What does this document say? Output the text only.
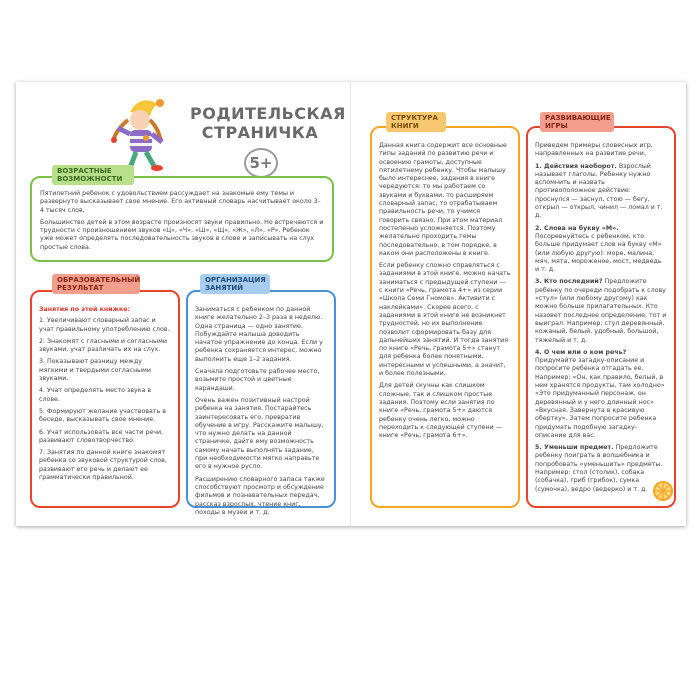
РОДИТЕЛЬСКАЯ
СТРАНИЧКА
5+

Пятилетний ребенок с удовольствием рассуждает на знакомые ему темы и развернуто высказывает свое мнение. Его активный словарь насчитывает около 3–4 тысяч слов.

Большинство детей в этом возрасте произносят звуки правильно. Но встречаются и трудности с произношением звуков «Ц», «Ч», «Ш», «Щ», «Ж», «Л», «Р». Ребенок уже может определять последовательность звуков в слове и записывать на слух простые слова.

ВОЗРАСТНЫЕ ВОЗМОЖНОСТИ
Занятия по этой книжке:

1. Увеличивают словарный запас и учат правильному употреблению слов.

2. Знакомят с гласными и согласными звуками, учат различать их на слух.

3. Показывают разницу между мягкими и твердыми согласными звуками.

4. Учат определять место звука в слове.

5. Формируют желание участвовать в беседе, высказывать свое мнение.

6. Учат использовать все части речи, развивают словотворчество.

7. Занятия по данной книге знакомят ребенка со звуковой структурой слов, развивают его речь и делают ее грамматически правильной.

ОБРАЗОВАТЕЛЬНЫЙ РЕЗУЛЬТАТ

Заниматься с ребенком по данной книге желательно 2–3 раза в неделю. Одна страница — одно занятие. Побуждайте малыша доводить начатое упражнение до конца. Если у ребенка сохраняется интерес, можно выполнить еще 1–2 задания.

Сначала подготовьте рабочее место, возьмите простой и цветные карандаши.

Очень важен позитивный настрой ребенка на занятия. Постарайтесь заинтересовать его, превратив обучение в игру. Расскажите малышу, что нужно делать на данной страничке, дайте ему возможность самому начать выполнять задание, при необходимости мягко направьте его в нужное русло.

Расширению словарного запаса также способствуют просмотр и обсуждение фильмов и познавательных передач, рассказ взрослых, чтение книг, походы в музеи и т. д.

ОРГАНИЗАЦИЯ ЗАНЯТИЙ

Данная книга содержит все основные типы заданий по развитию речи и освоению грамоты, доступные пятилетнему ребенку. Чтобы малышу было интереснее, задания в книге чередуются: то мы работаем со звуками и буквами, то расширяем словарный запас, то отрабатываем правильность речи, то учимся говорить связно. При этом материал постепенно усложняется. Поэтому желательно проходить темы последовательно, в том порядке, в каком они расположены в книге.

Если ребенку сложно справляться с заданиями в этой книге, можно начать заниматься с предыдущей ступени — с книги «Речь, грамота 4+» из серии «Школа Семи Гномов». Активити с наклейками». Скорее всего, с заданиями в этой книге не возникнет трудностей, но их выполнение позволит сформировать базу для дальнейших занятий. И тогда занятия по книге «Речь, грамота 5+» станут для ребенка более понятными, интересными и успешными, а значит, и более полезными.

Для детей скучны как слишком сложные, так и слишком простые задания. Поэтому если занятия по книге «Речь, грамота 5+» даются ребенку очень легко, можно переходить к следующей ступени — книге «Речь, грамота 6+».

СТРУКТУРА КНИГИ

Приведем примеры словесных игр, направленных на развитие речи.

1. Действия наоборот. Взрослый называет глаголы. Ребенку нужно вспомнить и назвать противоположное действие: проснулся — заснул, стою — бегу, открыл — открыл, чинил — ломал и т. д.

2. Слова на букву «М». Посоревнуйтесь с ребенком, кто больше придумает слов на букву «М» (или любую другую): море, малина, мяч, мята, мороженое, мост, медведь и т. д.

3. Кто последний? Предложите ребенку по очереди подобрать к слову «стул» (или любому другому) как можно больше прилагательных. Кто назовет последнее определение, тот и выиграл. Например: стул деревянный, кожаный, белый, удобный, большой, тяжелый и т. д.

4. О чем или о ком речь? Придумайте загадку-описание и попросите ребенка отгадать ее. Например: «Он, как правило, белый, в нем хранятся продукты, там холодно» «Это придуманный персонаж, он деревянный и у него длинный нос» «Вкусная. Завернута в красивую обертку». Затем попросите ребенка придумать подобную загадку-описание для вас.

5. Уменьши предмет. Предложите ребенку поиграть в волшебника и попробовать «уменьшить» предметы. Например: стол (столик), собака (собачка), гриб (грибок), сумка (сумочка), ведро (ведерко) и т. д.

РАЗВИВАЮЩИЕ ИГРЫ
